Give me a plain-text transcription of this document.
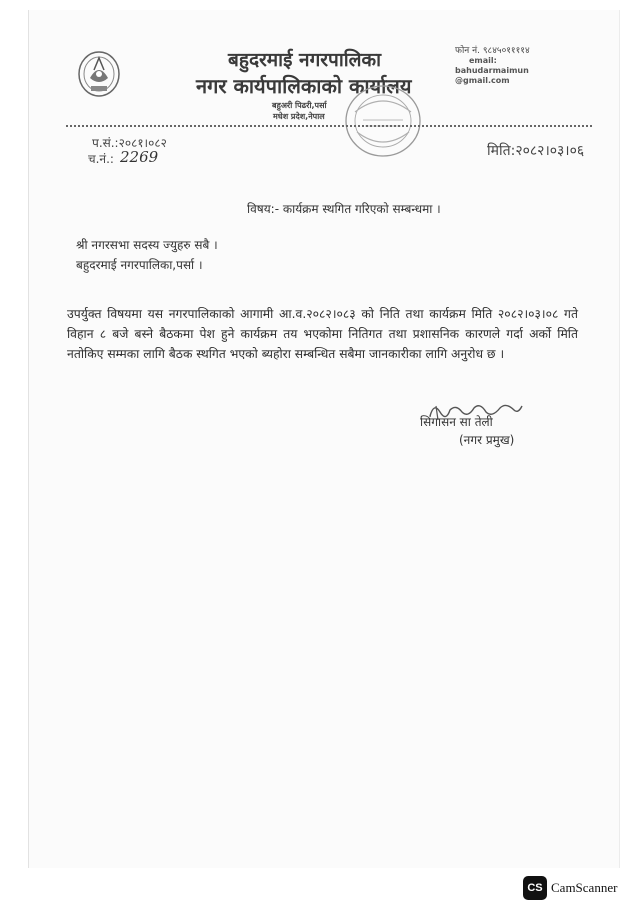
बहुदरमाई नगरपालिका
नगर कार्यपालिकाको कार्यालय
बहुअरी पिढरी,पर्सा
मधेश प्रदेश,नेपाल
फोन नं. ९८४५०११११४
email:
bahudarmaimun
@gmail.com
प.सं.:२०८१।०८२
च.नं.: 2269	मिति:२०८२।०३।०६
विषय:- कार्यक्रम स्थगित गरिएको सम्बन्धमा ।
श्री नगरसभा सदस्य ज्युहरु सबै ।
बहुदरमाई नगरपालिका,पर्सा ।
उपर्युक्त विषयमा यस नगरपालिकाको आगामी आ.व.२०८२।०८३ को निति तथा कार्यक्रम मिति २०८२।०३।०८ गते विहान ८ बजे बस्ने बैठकमा पेश हुने कार्यक्रम तय भएकोमा नितिगत तथा प्रशासनिक कारणले गर्दा अर्को मिति नतोकिए सम्मका लागि बैठक स्थगित भएको ब्यहोरा सम्बन्धित सबैमा जानकारीका लागि अनुरोध छ ।
सिंगासन सा तेली
(नगर प्रमुख)
CS CamScanner
